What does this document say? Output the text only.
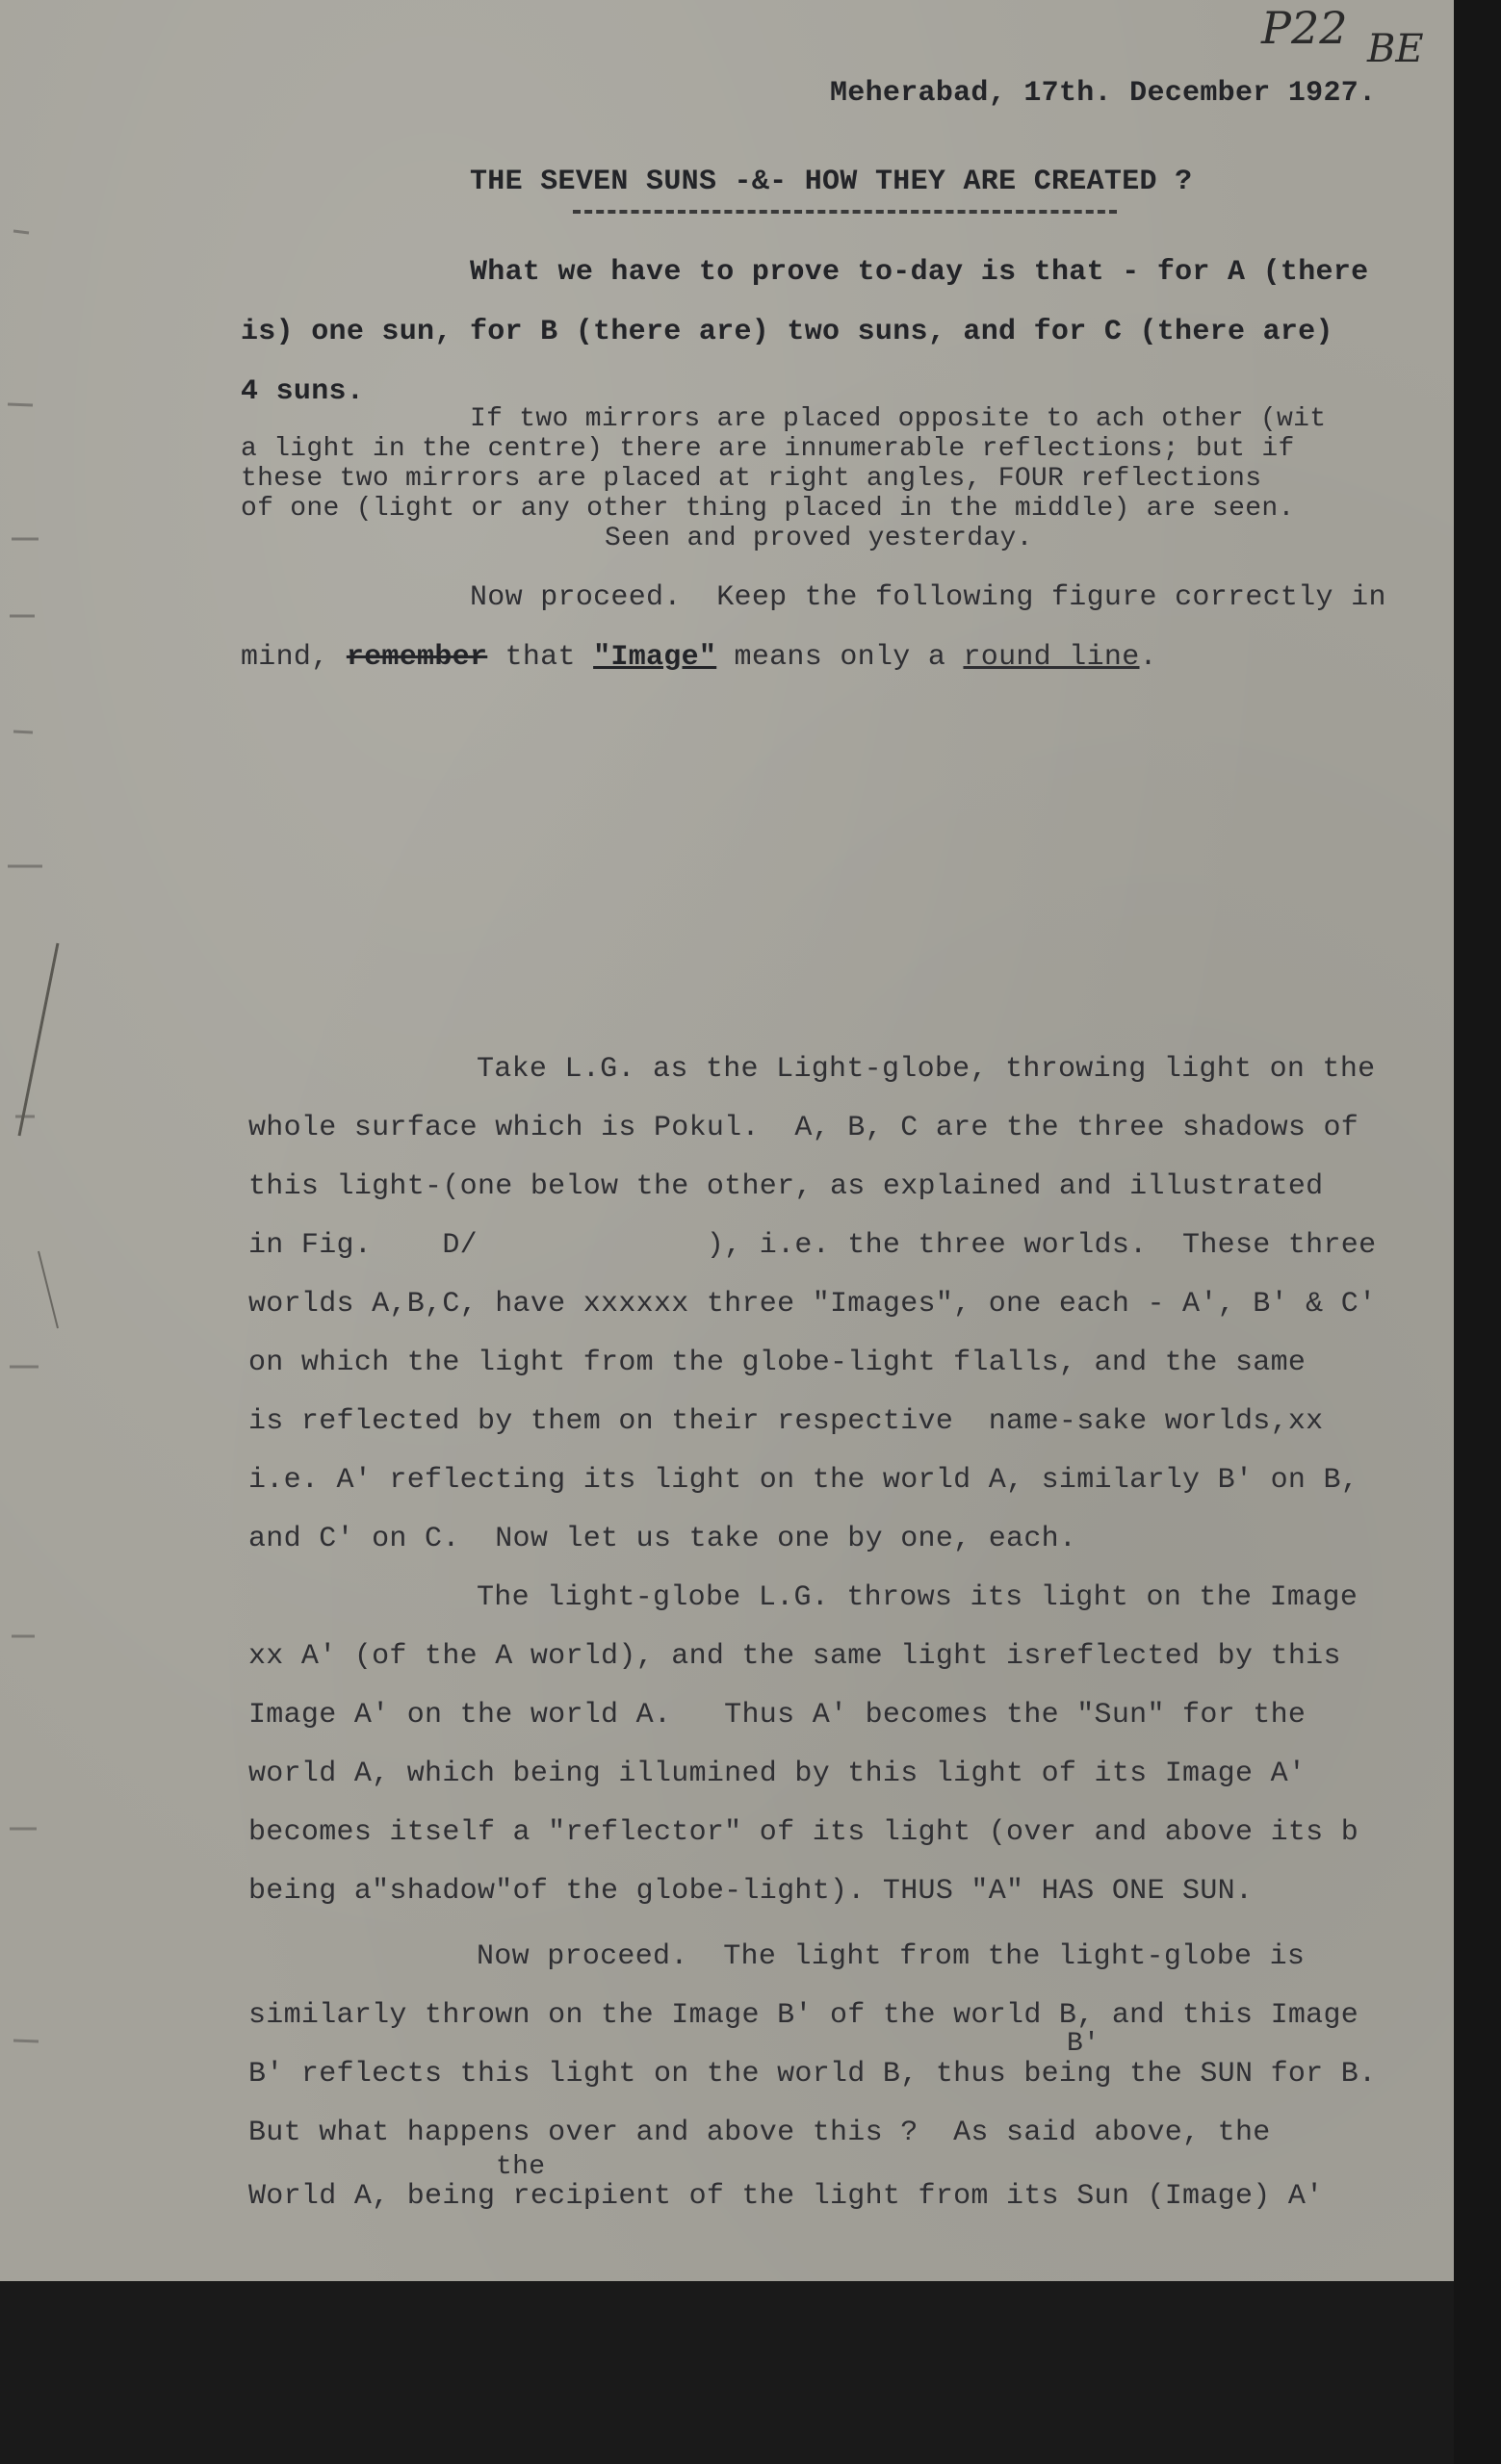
P22 BE
Meherabad, 17th. December 1927.
THE SEVEN SUNS -&- HOW THEY ARE CREATED ?
What we have to prove to-day is that - for A (there
is) one sun, for B (there are) two suns, and for C (there are)
4 suns.
If two mirrors are placed opposite to ach other (wit
a light in the centre) there are innumerable reflections; but if
these two mirrors are placed at right angles, FOUR reflections
of one (light or any other thing placed in the middle) are seen.
Seen and proved yesterday.
Now proceed.  Keep the following figure correctly in
mind, remember that "Image" means only a round line.
Take L.G. as the Light-globe, throwing light on the
whole surface which is Pokul.  A, B, C are the three shadows of
this light-(one below the other, as explained and illustrated
in Fig.    D/             ), i.e. the three worlds.  These three
worlds A,B,C, have xxxxxx three "Images", one each - A', B' & C'
on which the light from the globe-light flalls, and the same
is reflected by them on their respective  name-sake worlds,xx
i.e. A' reflecting its light on the world A, similarly B' on B,
and C' on C.  Now let us take one by one, each.
The light-globe L.G. throws its light on the Image
xx A' (of the A world), and the same light isreflected by this
Image A' on the world A.   Thus A' becomes the "Sun" for the
world A, which being illumined by this light of its Image A'
becomes itself a "reflector" of its light (over and above its b
being a"shadow"of the globe-light). THUS "A" HAS ONE SUN.
Now proceed.  The light from the light-globe is
similarly thrown on the Image B' of the world B, and this Image
B' reflects this light on the world B, thus being the SUN for B.
B'
But what happens over and above this ?  As said above, the
the
World A, being recipient of the light from its Sun (Image) A'
